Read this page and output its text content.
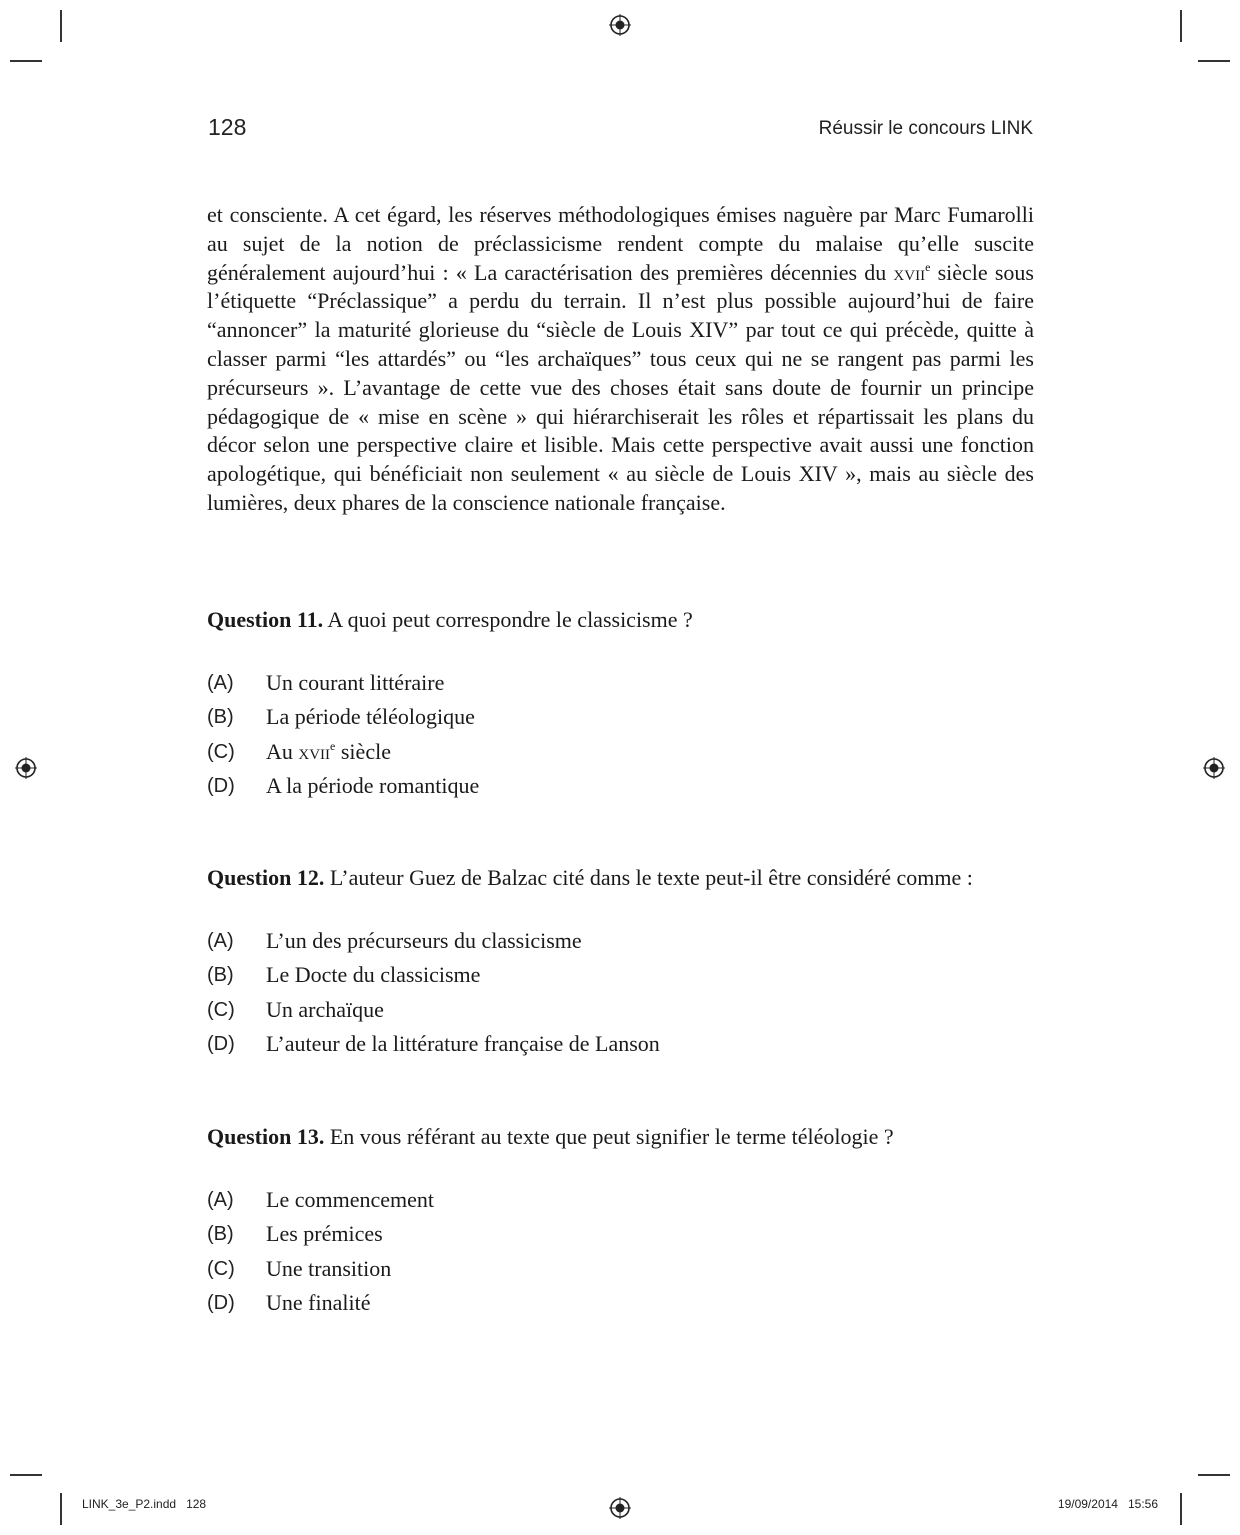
128	Réussir le concours LINK

et consciente. A cet égard, les réserves méthodologiques émises naguère par Marc Fumarolli au sujet de la notion de préclassicisme rendent compte du malaise qu’elle suscite généralement aujourd’hui : « La caractérisation des premières décennies du xvii$^e$ siècle sous l’étiquette “Préclassique” a perdu du terrain. Il n’est plus possible aujourd’hui de faire “annoncer” la maturité glorieuse du “siècle de Louis XIV” par tout ce qui précède, quitte à classer parmi “les attardés” ou “les archaïques” tous ceux qui ne se rangent pas parmi les précurseurs ». L’avantage de cette vue des choses était sans doute de fournir un principe pédagogique de « mise en scène » qui hiérarchiserait les rôles et répartissait les plans du décor selon une perspective claire et lisible. Mais cette perspective avait aussi une fonction apologétique, qui bénéficiait non seulement « au siècle de Louis XIV », mais au siècle des lumières, deux phares de la conscience nationale française.

Question 11. A quoi peut correspondre le classicisme ?

(A) Un courant littéraire
(B) La période téléologique
(C) Au xvii$^e$ siècle
(D) A la période romantique

Question 12. L’auteur Guez de Balzac cité dans le texte peut-il être considéré comme :

(A) L’un des précurseurs du classicisme
(B) Le Docte du classicisme
(C) Un archaïque
(D) L’auteur de la littérature française de Lanson

Question 13. En vous référant au texte que peut signifier le terme téléologie ?

(A) Le commencement
(B) Les prémices
(C) Une transition
(D) Une finalité
LINK_3e_P2.indd   128	19/09/2014   15:56
